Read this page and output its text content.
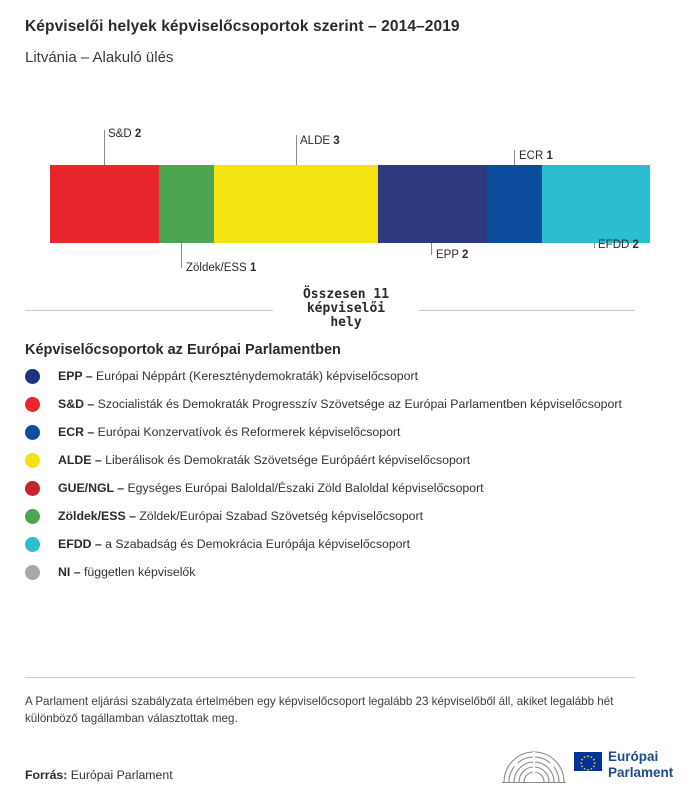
Képviselői helyek képviselőcsoportok szerint – 2014–2019
Litvánia – Alakuló ülés
S&D 2
Zöldek/ESS 1
ALDE 3
EPP 2
ECR 1
EFDD 2
Összesen 11
képviselői
hely
Képviselőcsoportok az Európai Parlamentben
EPP – Európai Néppárt (Kereszténydemokraták) képviselőcsoport
S&D – Szocialisták és Demokraták Progresszív Szövetsége az Európai Parlamentben képviselőcsoport
ECR – Európai Konzervatívok és Reformerek képviselőcsoport
ALDE – Liberálisok és Demokraták Szövetsége Európáért képviselőcsoport
GUE/NGL – Egységes Európai Baloldal/Északi Zöld Baloldal képviselőcsoport
Zöldek/ESS – Zöldek/Európai Szabad Szövetség képviselőcsoport
EFDD – a Szabadság és Demokrácia Európája képviselőcsoport
NI – független képviselők
A Parlament eljárási szabályzata értelmében egy képviselőcsoport legalább 23 képviselőből áll, akiket legalább hét különböző tagállamban választottak meg.
Forrás: Európai Parlament
Európai
Parlament
